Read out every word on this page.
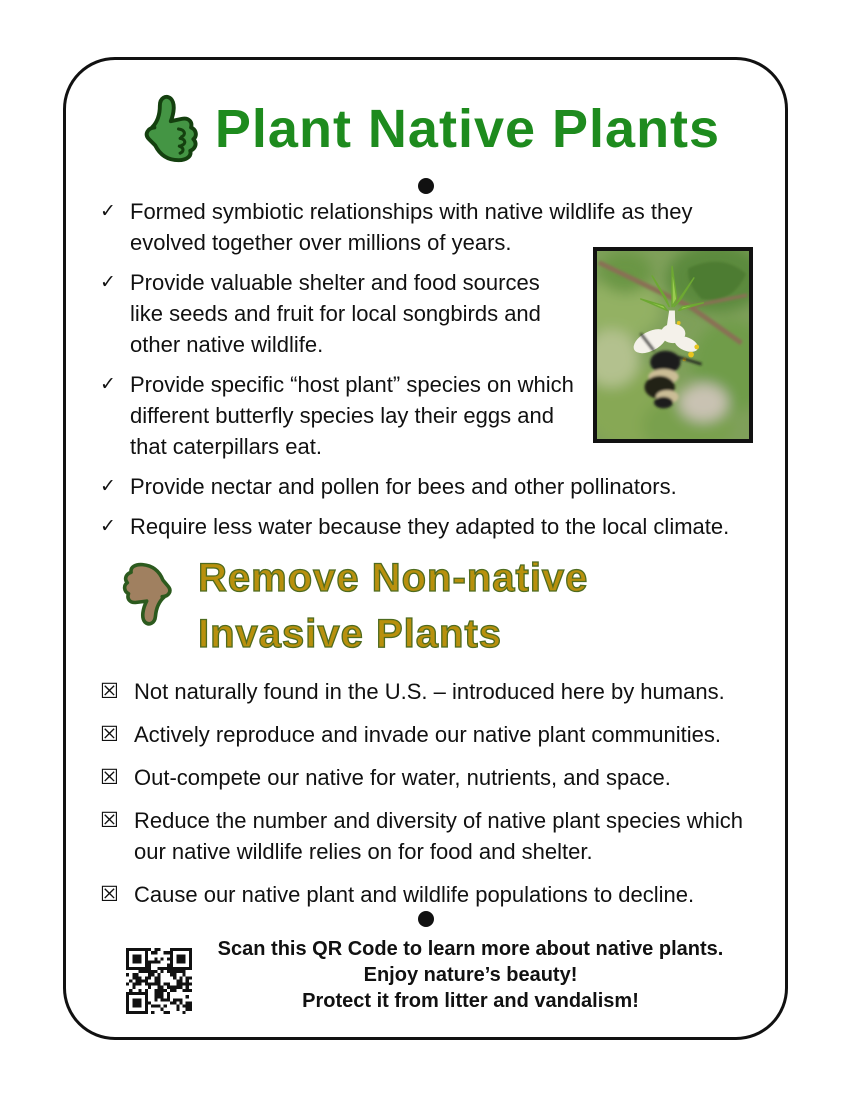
Plant Native Plants
✓ Formed symbiotic relationships with native wildlife as they evolved together over millions of years.
✓ Provide valuable shelter and food sources like seeds and fruit for local songbirds and other native wildlife.
✓ Provide specific “host plant” species on which different butterfly species lay their eggs and that caterpillars eat.
✓ Provide nectar and pollen for bees and other pollinators.
✓ Require less water because they adapted to the local climate.
Remove Non-native
Invasive Plants
☒ Not naturally found in the U.S. – introduced here by humans.
☒ Actively reproduce and invade our native plant communities.
☒ Out-compete our native for water, nutrients, and space.
☒ Reduce the number and diversity of native plant species which our native wildlife relies on for food and shelter.
☒ Cause our native plant and wildlife populations to decline.
Scan this QR Code to learn more about native plants.
Enjoy nature’s beauty!
Protect it from litter and vandalism!
